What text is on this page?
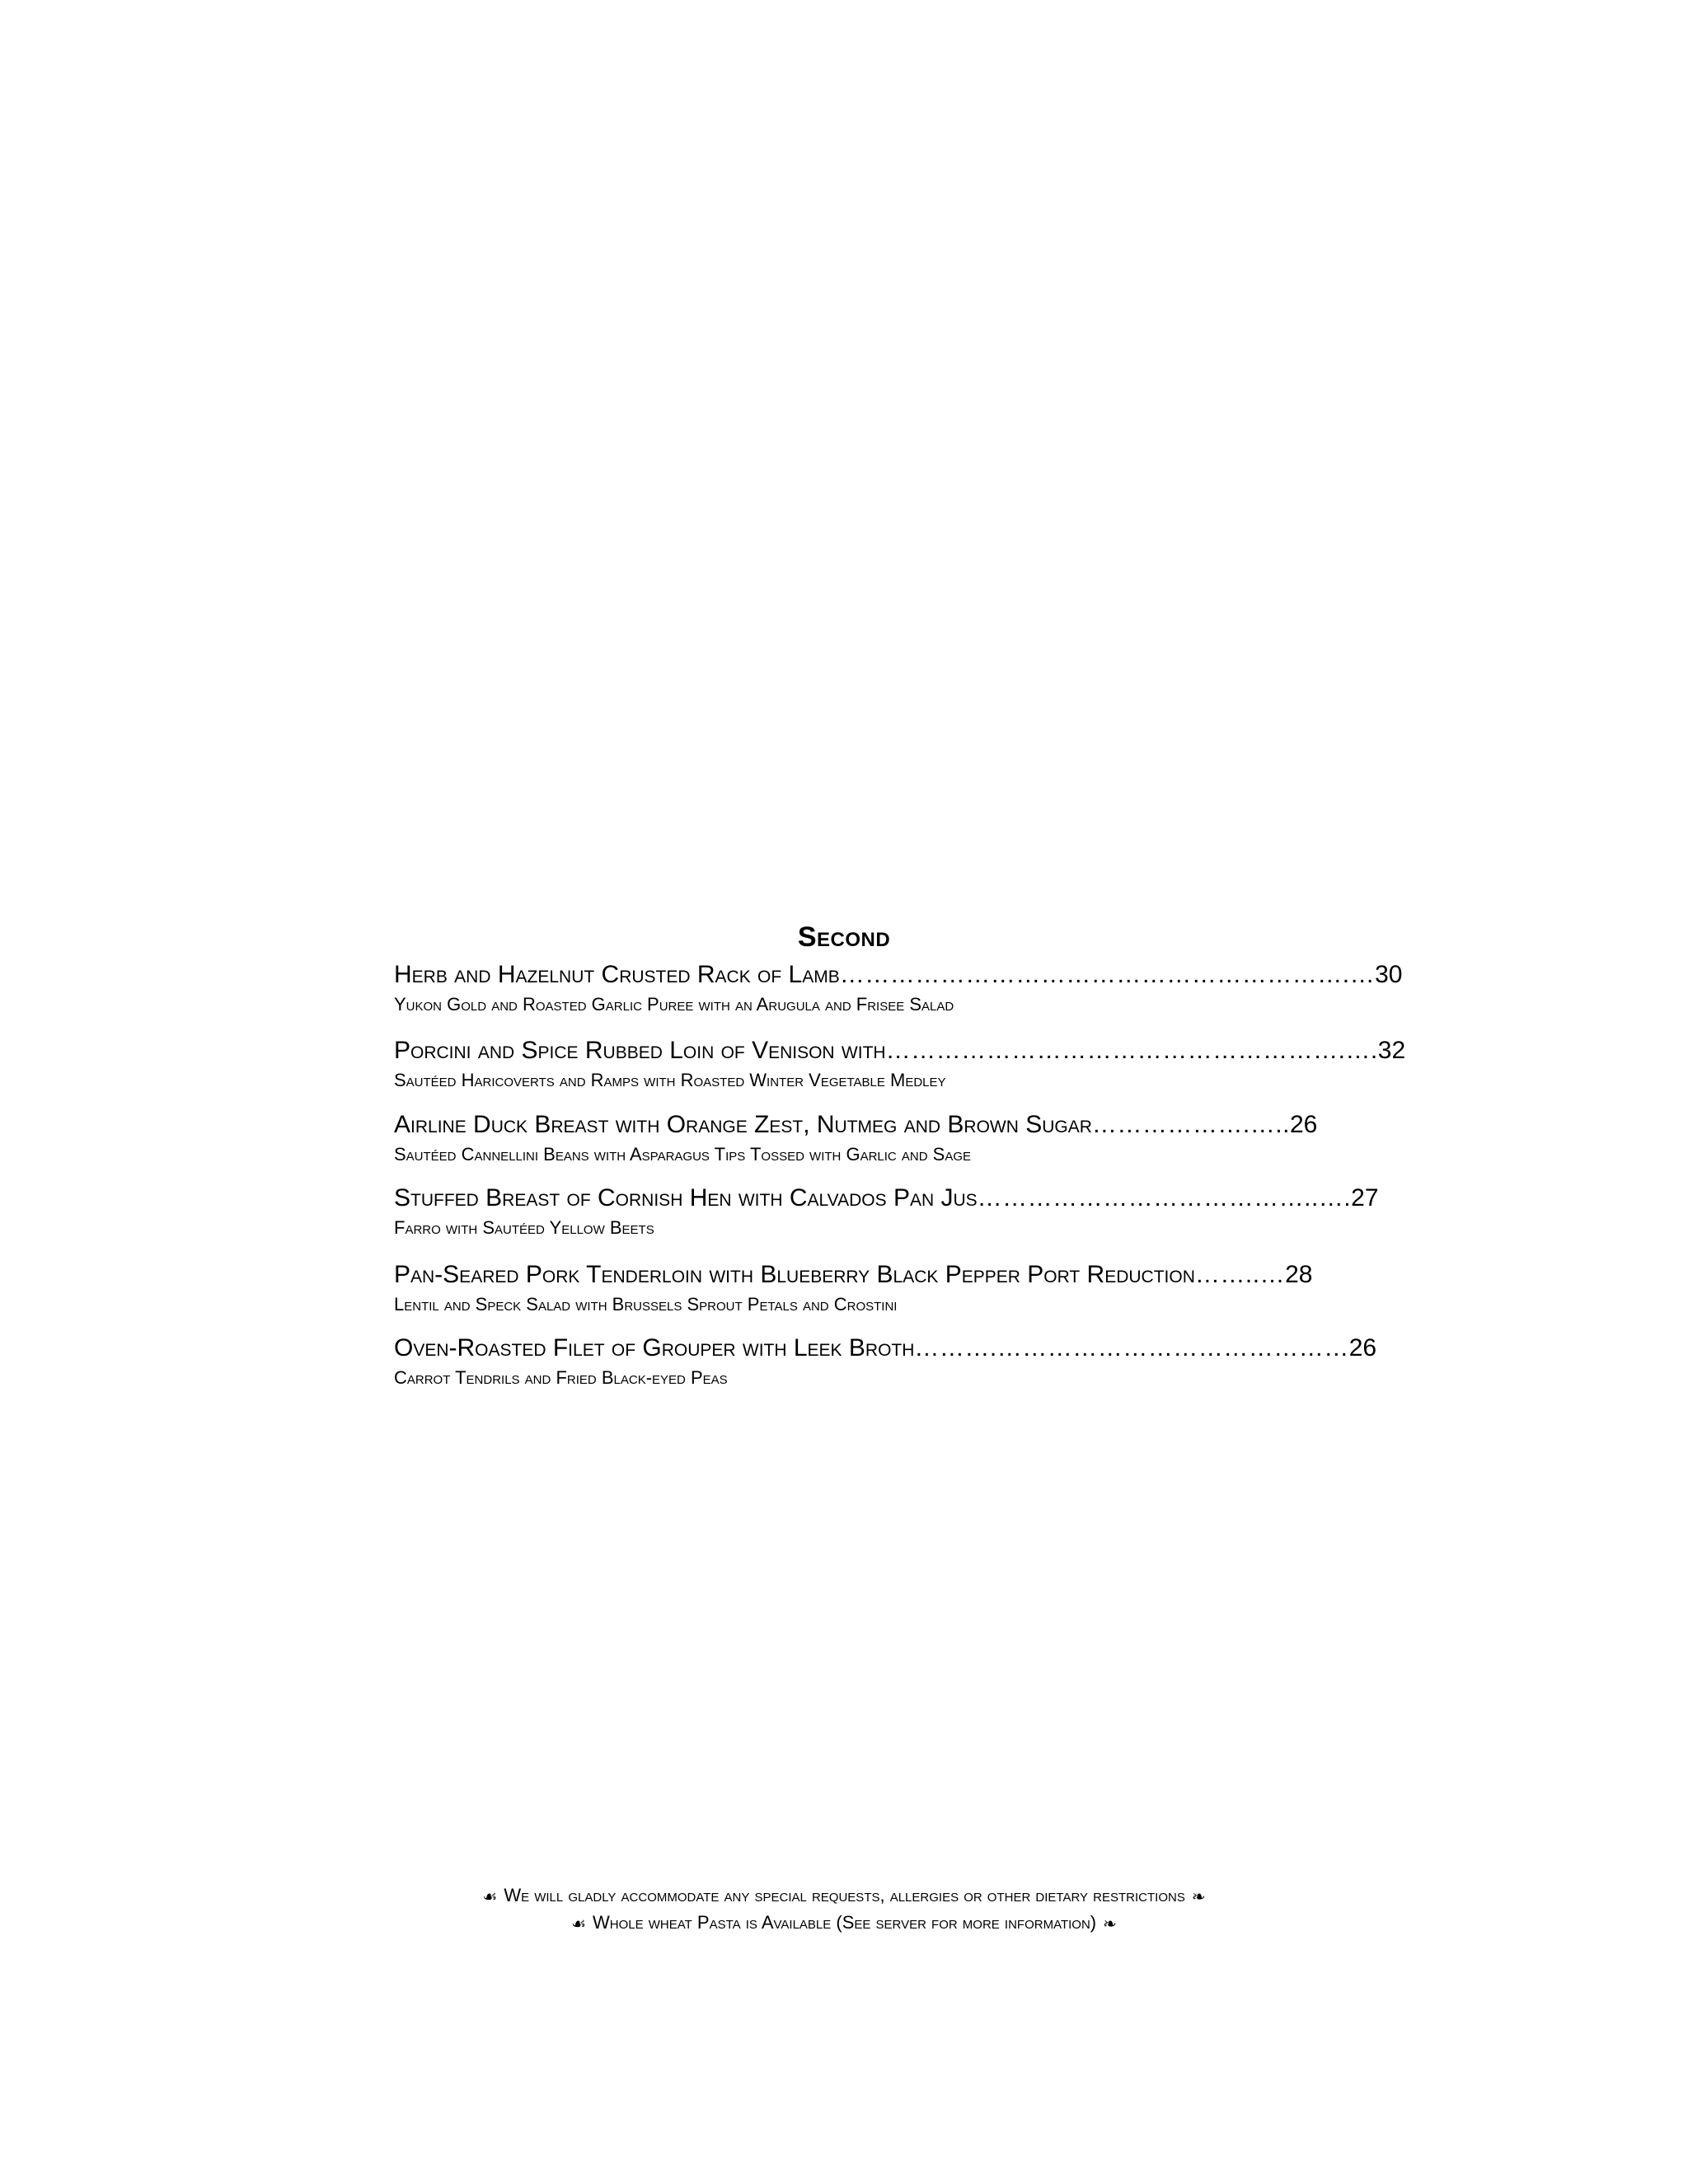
Second
Herb and Hazelnut Crusted Rack of Lamb…………………………………………………….…30
Yukon Gold and Roasted Garlic Puree with an Arugula and Frisee Salad
Porcini and Spice Rubbed Loin of Venison with……………………………………………….….32
Sautéed Haricoverts and Ramps with Roasted Winter Vegetable Medley
Airline Duck Breast with Orange Zest, Nutmeg and Brown Sugar……………….…..26
Sautéed Cannellini Beans with Asparagus Tips Tossed with Garlic and Sage
Stuffed Breast of Cornish Hen with Calvados Pan Jus…………………………………..….27
Farro with Sautéed Yellow Beets
Pan-Seared Pork Tenderloin with Blueberry Black Pepper Port Reduction……..…28
Lentil and Speck Salad with Brussels Sprout Petals and Crostini
Oven-Roasted Filet of Grouper with Leek Broth……….……………………………………26
Carrot Tendrils and Fried Black-eyed Peas
☙ We will gladly accommodate any special requests, allergies or other dietary restrictions ❧
☙ Whole wheat Pasta is Available (See server for more information) ❧
